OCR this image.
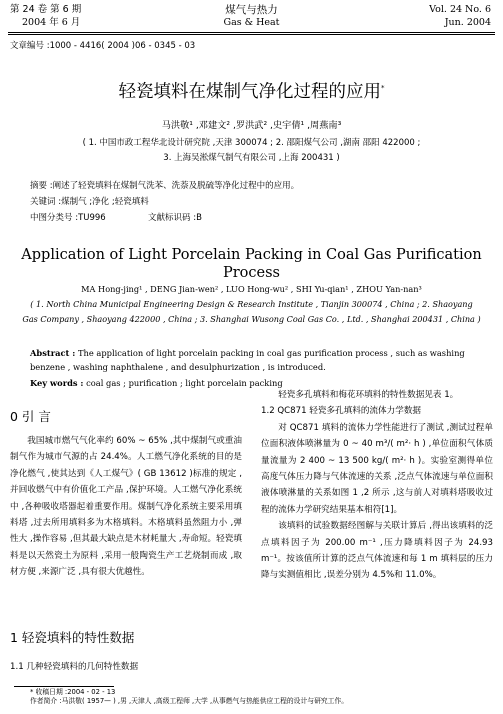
第 24 卷 第 6 期
2004 年 6 月
煤气与热力
Gas & Heat
Vol. 24 No. 6
Jun. 2004
文章编号 :1000 - 4416( 2004 )06 - 0345 - 03
轻瓷填料在煤制气净化过程的应用*
马洪敬¹ ,邓建文² ,罗洪武² ,史宇倩¹ ,周燕南³
( 1. 中国市政工程华北设计研究院 ,天津 300074 ; 2. 邵阳煤气公司 ,湖南 邵阳 422000 ;
3. 上海吴淞煤气制气有限公司 ,上海 200431 )
摘要 :阐述了轻瓷填料在煤制气洗苯、洗萘及脱硫等净化过程中的应用。
关键词 :煤制气 ;净化 ;轻瓷填料
中图分类号 :TU996	文献标识码 :B
Application of Light Porcelain Packing in Coal Gas Purification Process
MA Hong-jing¹ , DENG Jian-wen² , LUO Hong-wu² , SHI Yu-qian¹ , ZHOU Yan-nan³
( 1. North China Municipal Engineering Design & Research Institute , Tianjin 300074 , China ; 2. Shaoyang
Gas Company , Shaoyang 422000 , China ; 3. Shanghai Wusong Coal Gas Co. , Ltd. , Shanghai 200431 , China )
Abstract : The application of light porcelain packing in coal gas purification process , such as washing
benzene , washing naphthalene , and desulphurization , is introduced.
Key words : coal gas ; purification ; light porcelain packing
0 引 言

我国城市燃气气化率约 60% ~ 65% ,其中煤制气或重油制气作为城市气源的占 24.4%。人工燃气净化系统的目的是净化燃气 ,使其达到《人工煤气》( GB 13612 )标准的规定 ,并回收燃气中有价值化工产品 ,保护环境。人工燃气净化系统中 ,各种吸收塔器起着重要作用。煤制气净化系统主要采用填料塔 ,过去所用填料多为木格填料。木格填料虽然阻力小 ,弹性大 ,操作容易 ,但其最大缺点是木材耗量大 ,寿命短。轻瓷填料是以天然瓷土为原料 ,采用一般陶瓷生产工艺烧制而成 ,取材方便 ,来源广泛 ,具有很大优越性。

1 轻瓷填料的特性数据
1.1 几种轻瓷填料的几何特性数据

轻瓷多孔填料和梅花环填料的特性数据见表 1。

1.2 QC871 轻瓷多孔填料的流体力学数据

对 QC871 填料的流体力学性能进行了测试 ,测试过程单位面积液体喷淋量为 0 ~ 40 m³/( m²· h ) ,单位面积气体质量流量为 2 400 ~ 13 500 kg/( m²· h )。实验室测得单位高度气体压力降与气体流速的关系 ,泛点气体流速与单位面积液体喷淋量的关系如图 1 ,2 所示 ,这与前人对填料塔吸收过程的流体力学研究结果基本相符[1]。

该填料的试验数据经图解与关联计算后 ,得出该填料的泛点填料因子为 200.00 m⁻¹ ,压力降填料因子为 24.93 m⁻¹。按该值所计算的泛点气体流速和每 1 m 填料层的压力降与实测值相比 ,误差分别为 4.5%和 11.0%。

* 收稿日期 :2004 - 02 - 13
作者简介 :马洪敬( 1957— ) ,男 ,天津人 ,高级工程师 ,大学 ,从事燃气与热能供应工程的设计与研究工作。
